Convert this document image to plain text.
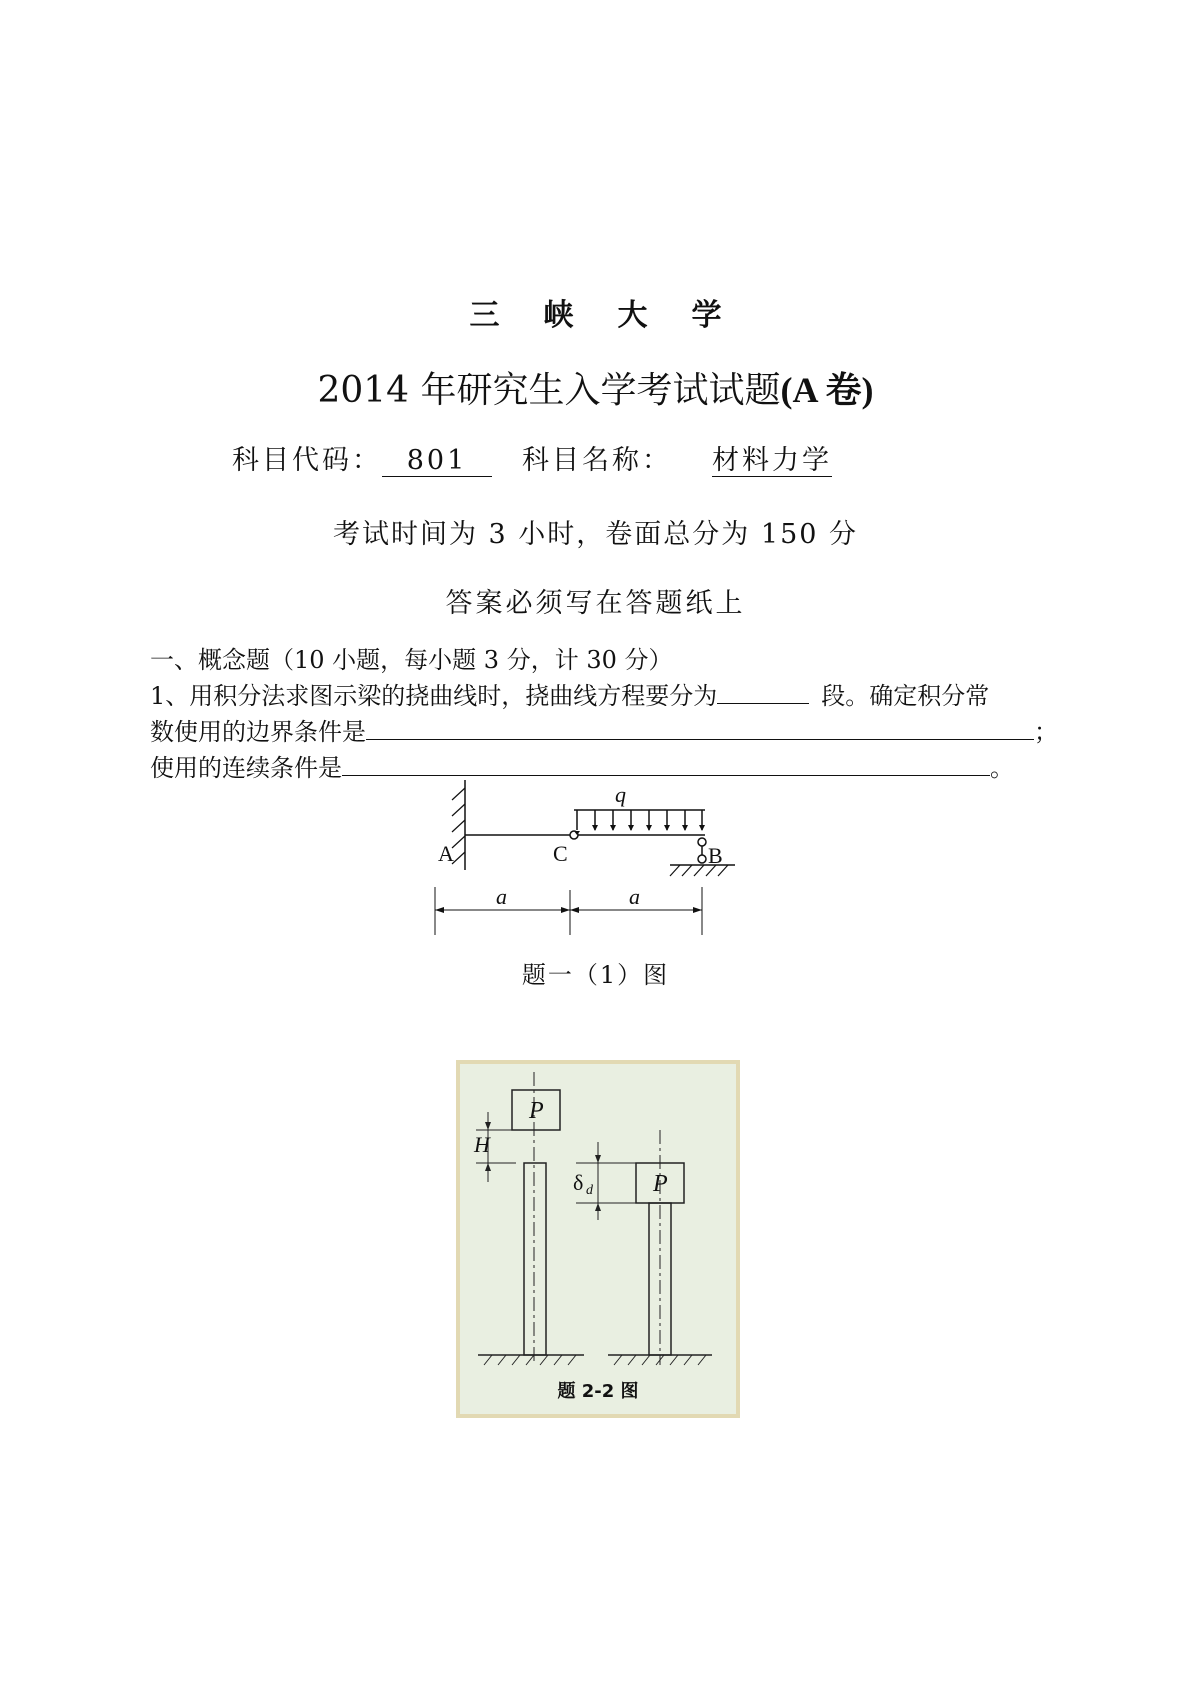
三峡大学
2014 年研究生入学考试试题(A 卷)
科目代码： 801 科目名称： 材料力学
考试时间为 3 小时，卷面总分为 150 分
答案必须写在答题纸上
一、概念题（10 小题，每小题 3 分，计 30 分）
1、用积分法求图示梁的挠曲线时，挠曲线方程要分为	段。确定积分常
数使用的边界条件是	；
使用的连续条件是	。
q
A	C	B
a	a
题一（1）图
P
P
H
δ d
题 2-2 图
